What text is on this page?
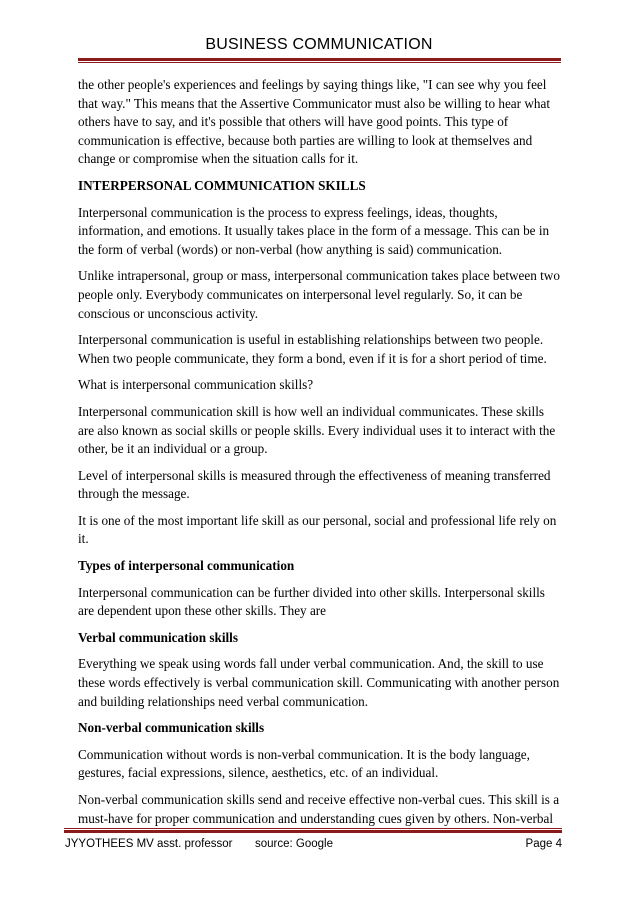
BUSINESS COMMUNICATION

the other people's experiences and feelings by saying things like, "I can see why you feel that way." This means that the Assertive Communicator must also be willing to hear what others have to say, and it's possible that others will have good points. This type of communication is effective, because both parties are willing to look at themselves and change or compromise when the situation calls for it.

INTERPERSONAL COMMUNICATION SKILLS

Interpersonal communication is the process to express feelings, ideas, thoughts, information, and emotions. It usually takes place in the form of a message. This can be in the form of verbal (words) or non-verbal (how anything is said) communication.

Unlike intrapersonal, group or mass, interpersonal communication takes place between two people only. Everybody communicates on interpersonal level regularly. So, it can be conscious or unconscious activity.

Interpersonal communication is useful in establishing relationships between two people. When two people communicate, they form a bond, even if it is for a short period of time.

What is interpersonal communication skills?

Interpersonal communication skill is how well an individual communicates. These skills are also known as social skills or people skills. Every individual uses it to interact with the other, be it an individual or a group.

Level of interpersonal skills is measured through the effectiveness of meaning transferred through the message.

It is one of the most important life skill as our personal, social and professional life rely on it.

Types of interpersonal communication

Interpersonal communication can be further divided into other skills. Interpersonal skills are dependent upon these other skills. They are

Verbal communication skills

Everything we speak using words fall under verbal communication. And, the skill to use these words effectively is verbal communication skill. Communicating with another person and building relationships need verbal communication.

Non-verbal communication skills

Communication without words is non-verbal communication. It is the body language, gestures, facial expressions, silence, aesthetics, etc. of an individual.

Non-verbal communication skills send and receive effective non-verbal cues. This skill is a must-have for proper communication and understanding cues given by others. Non-verbal

JYYOTHEES MV asst. professor source: Google	Page 4
